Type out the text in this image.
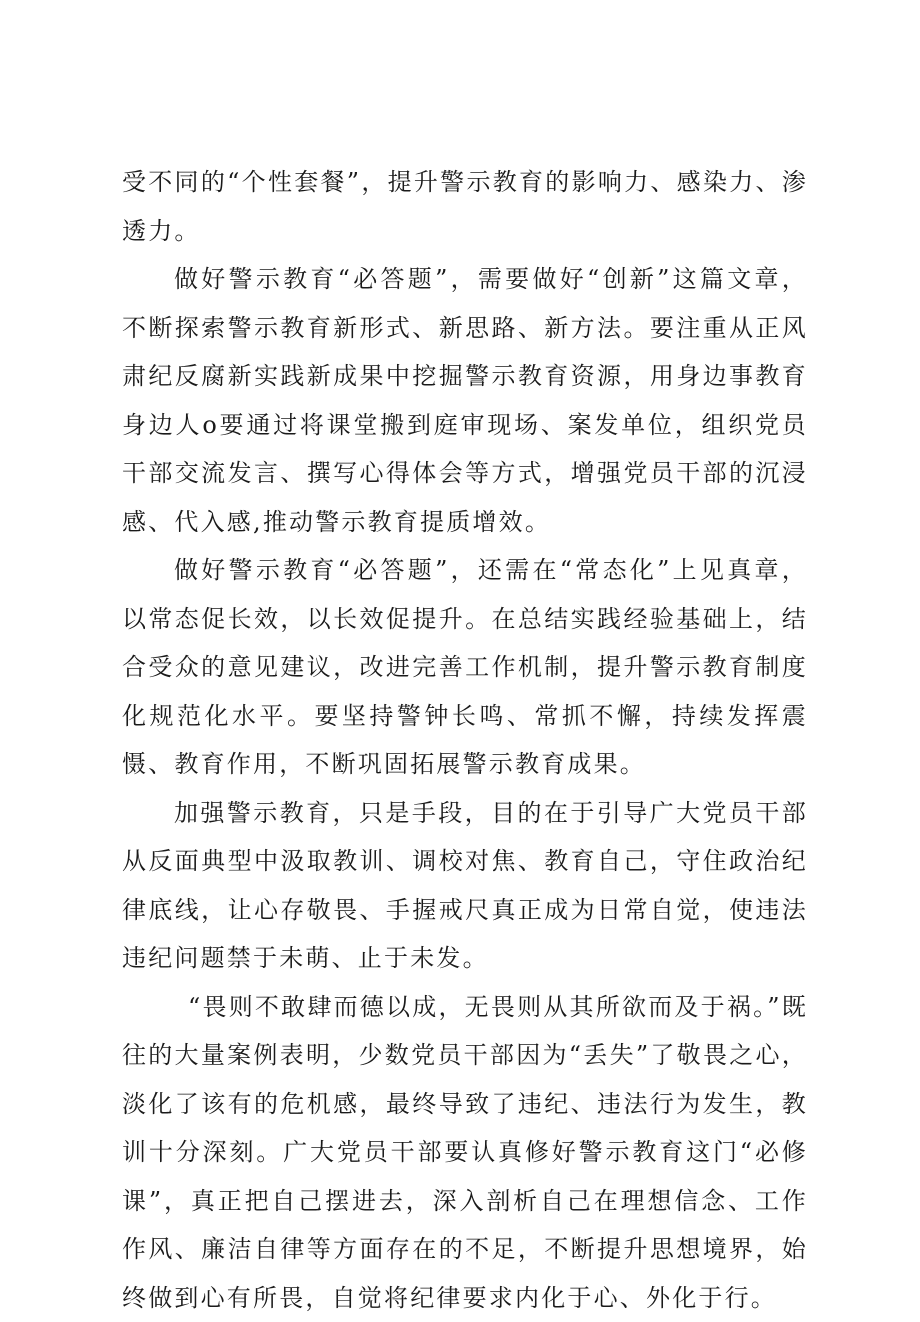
受不同的“个性套餐”，提升警示教育的影响力、感染力、渗透力。

做好警示教育“必答题”，需要做好“创新”这篇文章，不断探索警示教育新形式、新思路、新方法。要注重从正风肃纪反腐新实践新成果中挖掘警示教育资源，用身边事教育身边人o要通过将课堂搬到庭审现场、案发单位，组织党员干部交流发言、撰写心得体会等方式，增强党员干部的沉浸感、代入感,推动警示教育提质增效。

做好警示教育“必答题”，还需在“常态化”上见真章，以常态促长效，以长效促提升。在总结实践经验基础上，结合受众的意见建议，改进完善工作机制，提升警示教育制度化规范化水平。要坚持警钟长鸣、常抓不懈，持续发挥震慑、教育作用，不断巩固拓展警示教育成果。

加强警示教育，只是手段，目的在于引导广大党员干部从反面典型中汲取教训、调校对焦、教育自己，守住政治纪律底线，让心存敬畏、手握戒尺真正成为日常自觉，使违法违纪问题禁于未萌、止于未发。

“畏则不敢肆而德以成，无畏则从其所欲而及于祸。”既往的大量案例表明，少数党员干部因为“丢失”了敬畏之心，淡化了该有的危机感，最终导致了违纪、违法行为发生，教训十分深刻。广大党员干部要认真修好警示教育这门“必修课”，真正把自己摆进去，深入剖析自己在理想信念、工作作风、廉洁自律等方面存在的不足，不断提升思想境界，始终做到心有所畏，自觉将纪律要求内化于心、外化于行。
